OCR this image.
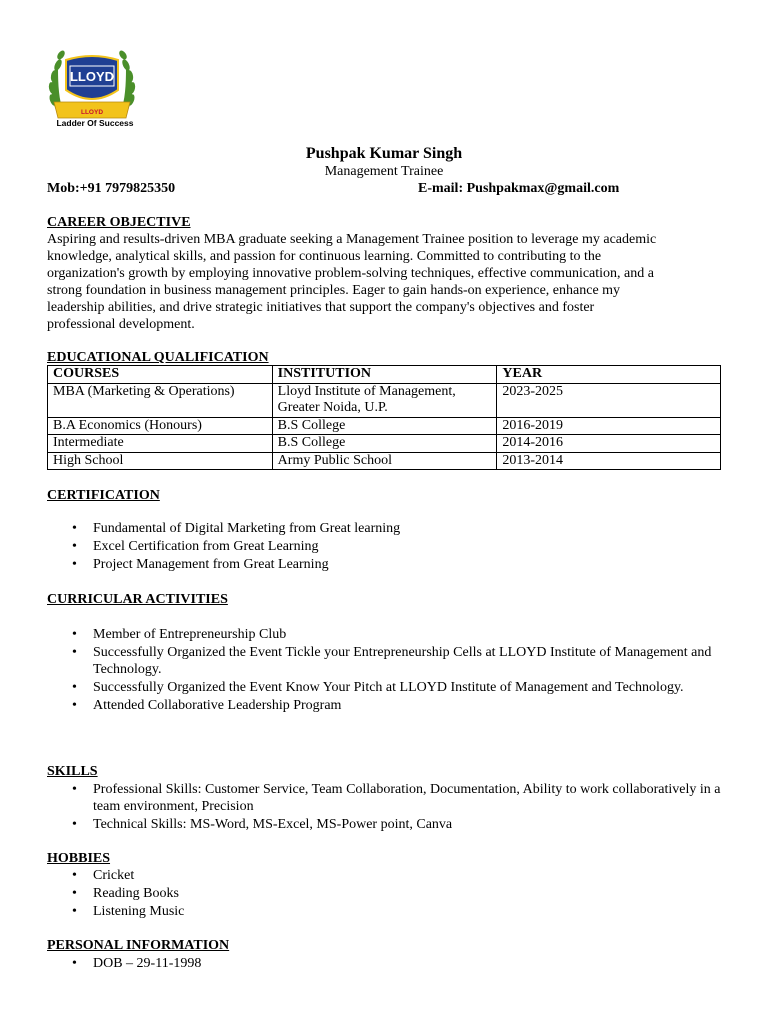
LLOYD
LLOYD
Ladder Of Success
Pushpak Kumar Singh
Management Trainee
Mob:+91 7979825350	E-mail: Pushpakmax@gmail.com
CAREER OBJECTIVE
Aspiring and results-driven MBA graduate seeking a Management Trainee position to leverage my academic
knowledge, analytical skills, and passion for continuous learning. Committed to contributing to the
organization's growth by employing innovative problem-solving techniques, effective communication, and a
strong foundation in business management principles. Eager to gain hands-on experience, enhance my
leadership abilities, and drive strategic initiatives that support the company's objectives and foster
professional development.
EDUCATIONAL QUALIFICATION
COURSES	INSTITUTION	YEAR
MBA (Marketing & Operations)	Lloyd Institute of Management, Greater Noida, U.P.	2023-2025
B.A Economics (Honours)	B.S College	2016-2019
Intermediate	B.S College	2014-2016
High School	Army Public School	2013-2014
CERTIFICATION
• Fundamental of Digital Marketing from Great learning
• Excel Certification from Great Learning
• Project Management from Great Learning
CURRICULAR ACTIVITIES
• Member of Entrepreneurship Club
• Successfully Organized the Event Tickle your Entrepreneurship Cells at LLOYD Institute of Management and Technology.
• Successfully Organized the Event Know Your Pitch at LLOYD Institute of Management and Technology.
• Attended Collaborative Leadership Program
SKILLS
• Professional Skills: Customer Service, Team Collaboration, Documentation, Ability to work collaboratively in a team environment, Precision
• Technical Skills: MS-Word, MS-Excel, MS-Power point, Canva
HOBBIES
• Cricket
• Reading Books
• Listening Music
PERSONAL INFORMATION
• DOB – 29-11-1998
